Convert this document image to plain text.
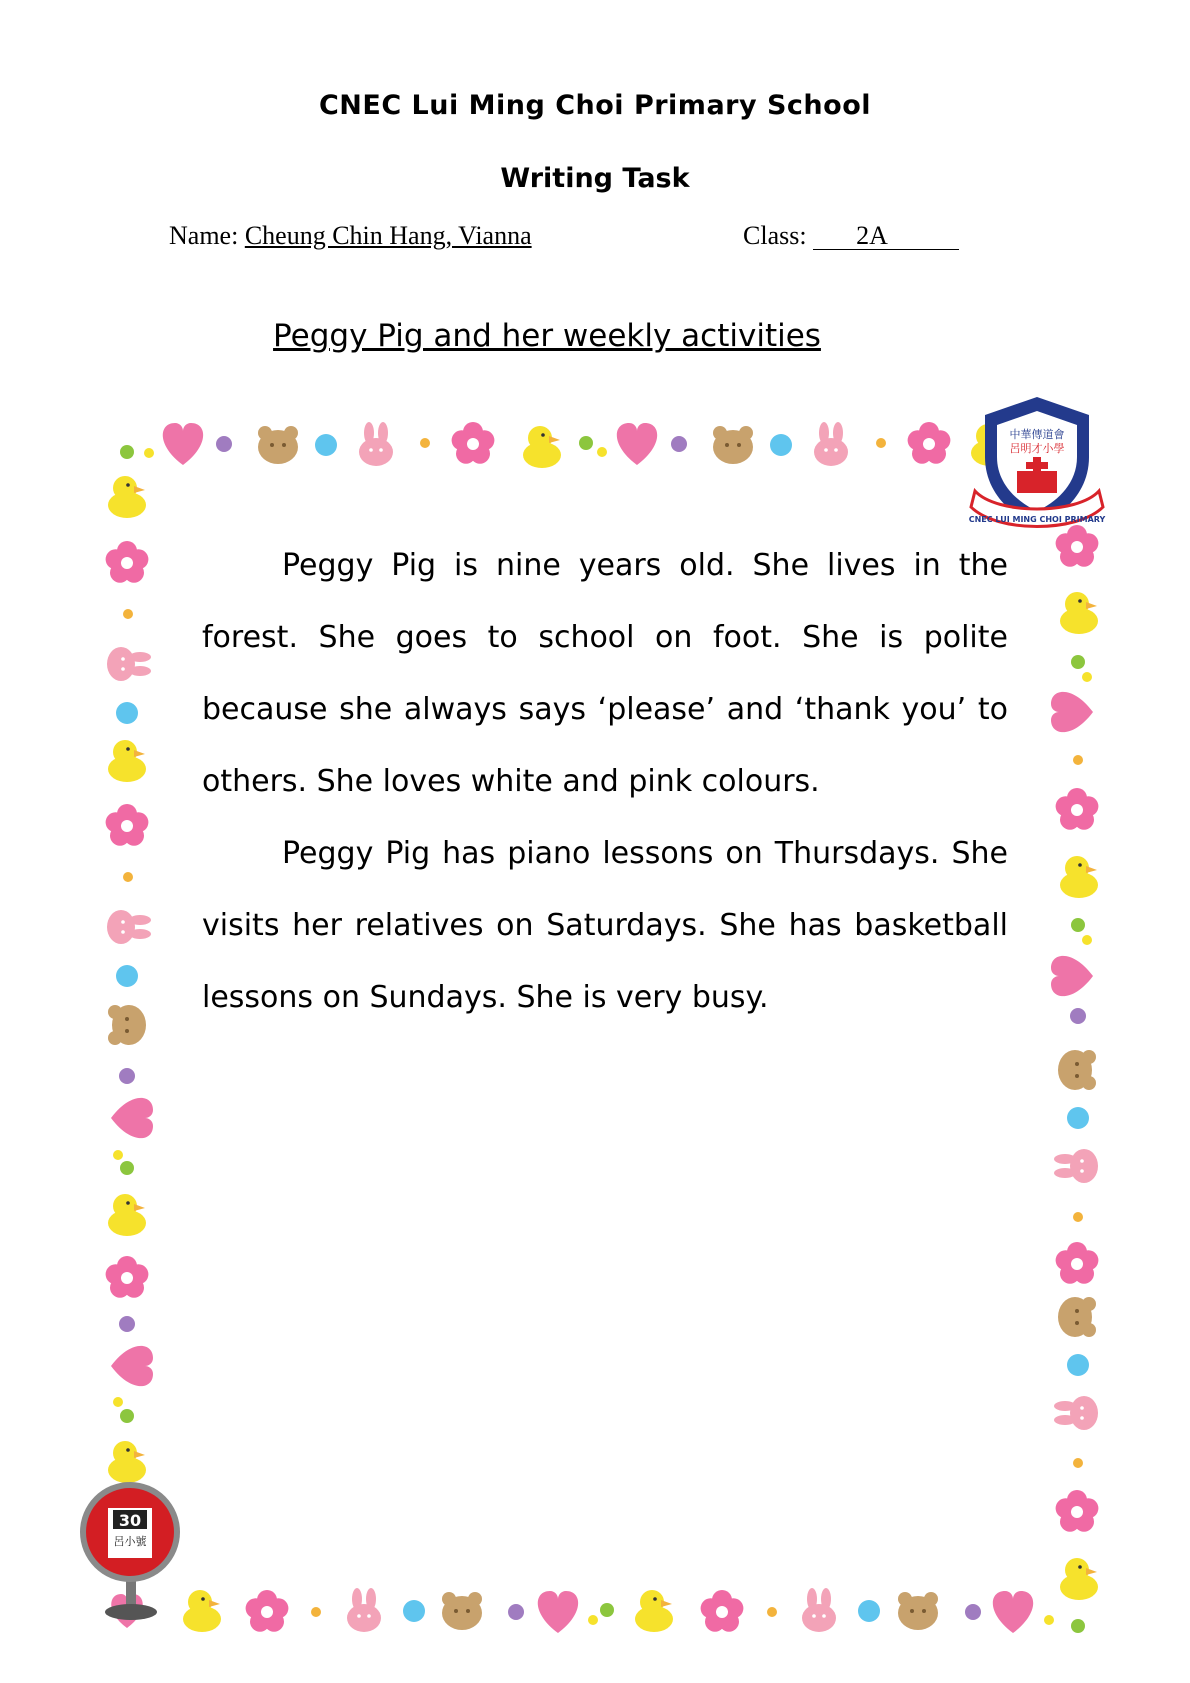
中華傳道會
呂明才小學
CNEC LUI MING CHOI PRIMARY
30
呂小號
CNEC Lui Ming Choi Primary School
Writing Task
Name: Cheung Chin Hang, Vianna	Class: 2A
Peggy Pig and her weekly activities

Peggy Pig is nine years old. She lives in the forest. She goes to school on foot. She is polite because she always says ‘please’ and ‘thank you’ to others. She loves white and pink colours.

Peggy Pig has piano lessons on Thursdays. She visits her relatives on Saturdays. She has basketball lessons on Sundays. She is very busy.
